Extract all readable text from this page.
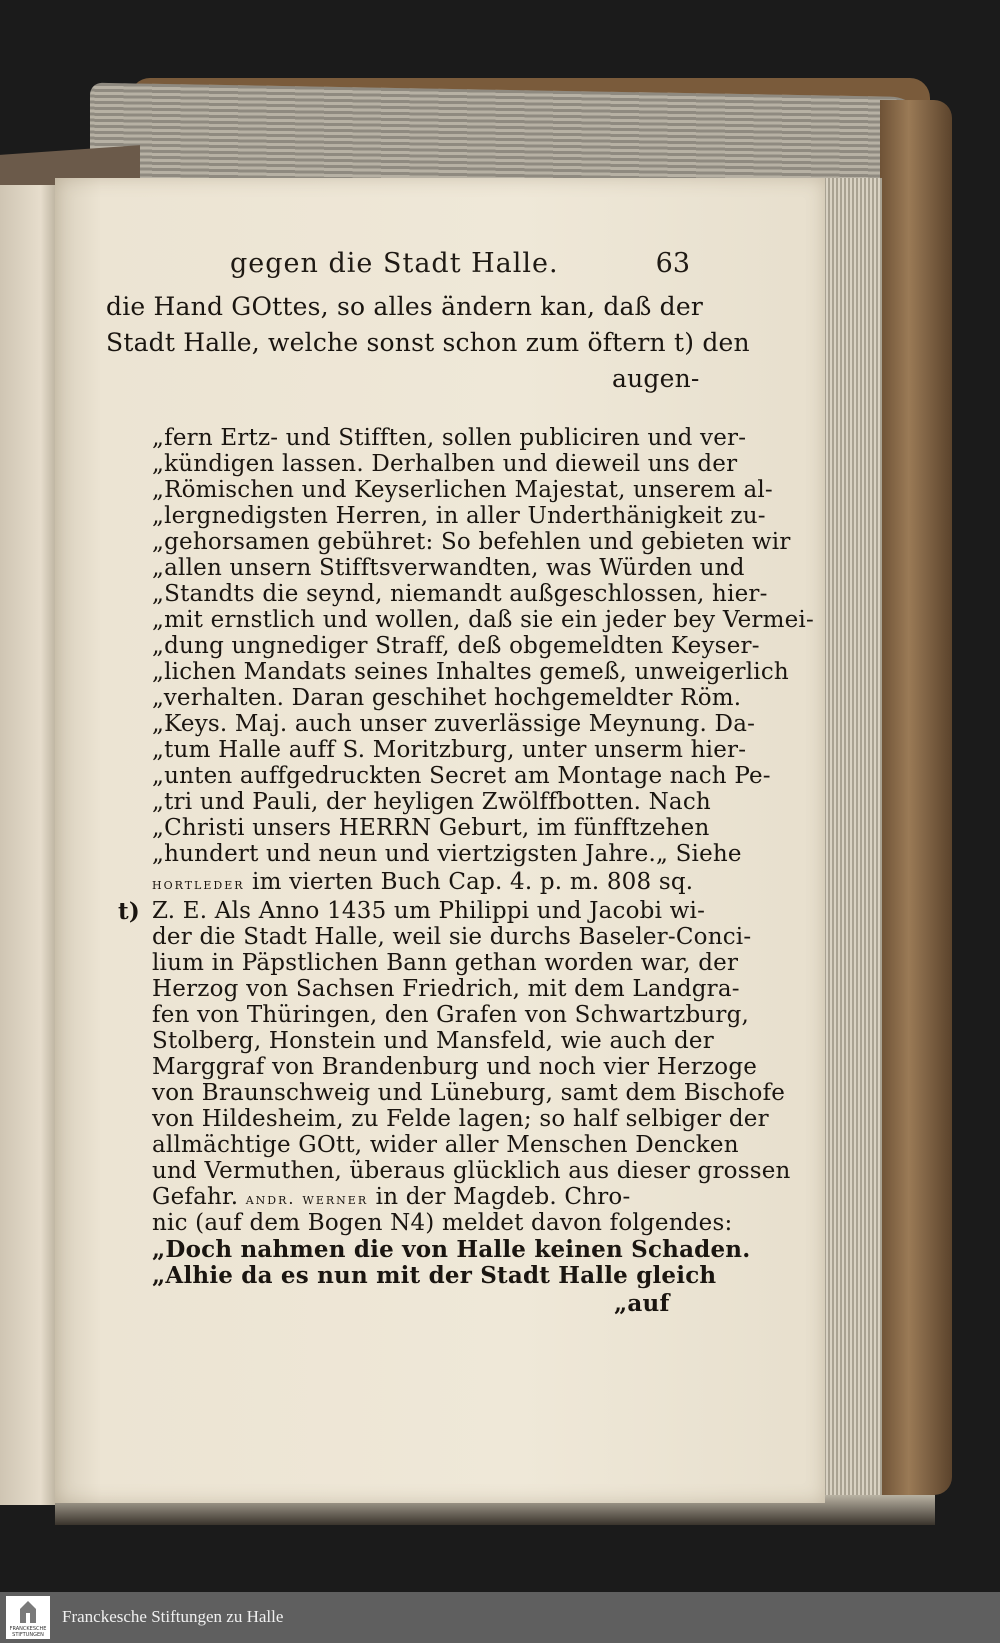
gegen die Stadt Halle.	63
die Hand GOttes, so alles ändern kan, daß der
Stadt Halle, welche sonst schon zum öftern t) den
augen-
„fern Ertz- und Stifften, sollen publiciren und ver-
„kündigen lassen. Derhalben und dieweil uns der
„Römischen und Keyserlichen Majestat, unserem al-
„lergnedigsten Herren, in aller Underthänigkeit zu-
„gehorsamen gebühret: So befehlen und gebieten wir
„allen unsern Stifftsverwandten, was Würden und
„Standts die seynd, niemandt außgeschlossen, hier-
„mit ernstlich und wollen, daß sie ein jeder bey Vermei-
„dung ungnediger Straff, deß obgemeldten Keyser-
„lichen Mandats seines Inhaltes gemeß, unweigerlich
„verhalten. Daran geschihet hochgemeldter Röm.
„Keys. Maj. auch unser zuverlässige Meynung. Da-
„tum Halle auff S. Moritzburg, unter unserm hier-
„unten auffgedruckten Secret am Montage nach Pe-
„tri und Pauli, der heyligen Zwölffbotten. Nach
„Christi unsers HERRN Geburt, im fünfftzehen
„hundert und neun und viertzigsten Jahre.„ Siehe
hortleder im vierten Buch Cap. 4. p. m. 808 sq.
t) Z. E. Als Anno 1435 um Philippi und Jacobi wi-
der die Stadt Halle, weil sie durchs Baseler-Conci-
lium in Päpstlichen Bann gethan worden war, der
Herzog von Sachsen Friedrich, mit dem Landgra-
fen von Thüringen, den Grafen von Schwartzburg,
Stolberg, Honstein und Mansfeld, wie auch der
Marggraf von Brandenburg und noch vier Herzoge
von Braunschweig und Lüneburg, samt dem Bischofe
von Hildesheim, zu Felde lagen; so half selbiger der
allmächtige GOtt, wider aller Menschen Dencken
und Vermuthen, überaus glücklich aus dieser grossen
Gefahr. andr. werner in der Magdeb. Chro-
nic (auf dem Bogen N4) meldet davon folgendes:
„Doch nahmen die von Halle keinen Schaden.
„Alhie da es nun mit der Stadt Halle gleich
„auf
FRANCKESCHE STIFTUNGEN
Franckesche Stiftungen zu Halle
